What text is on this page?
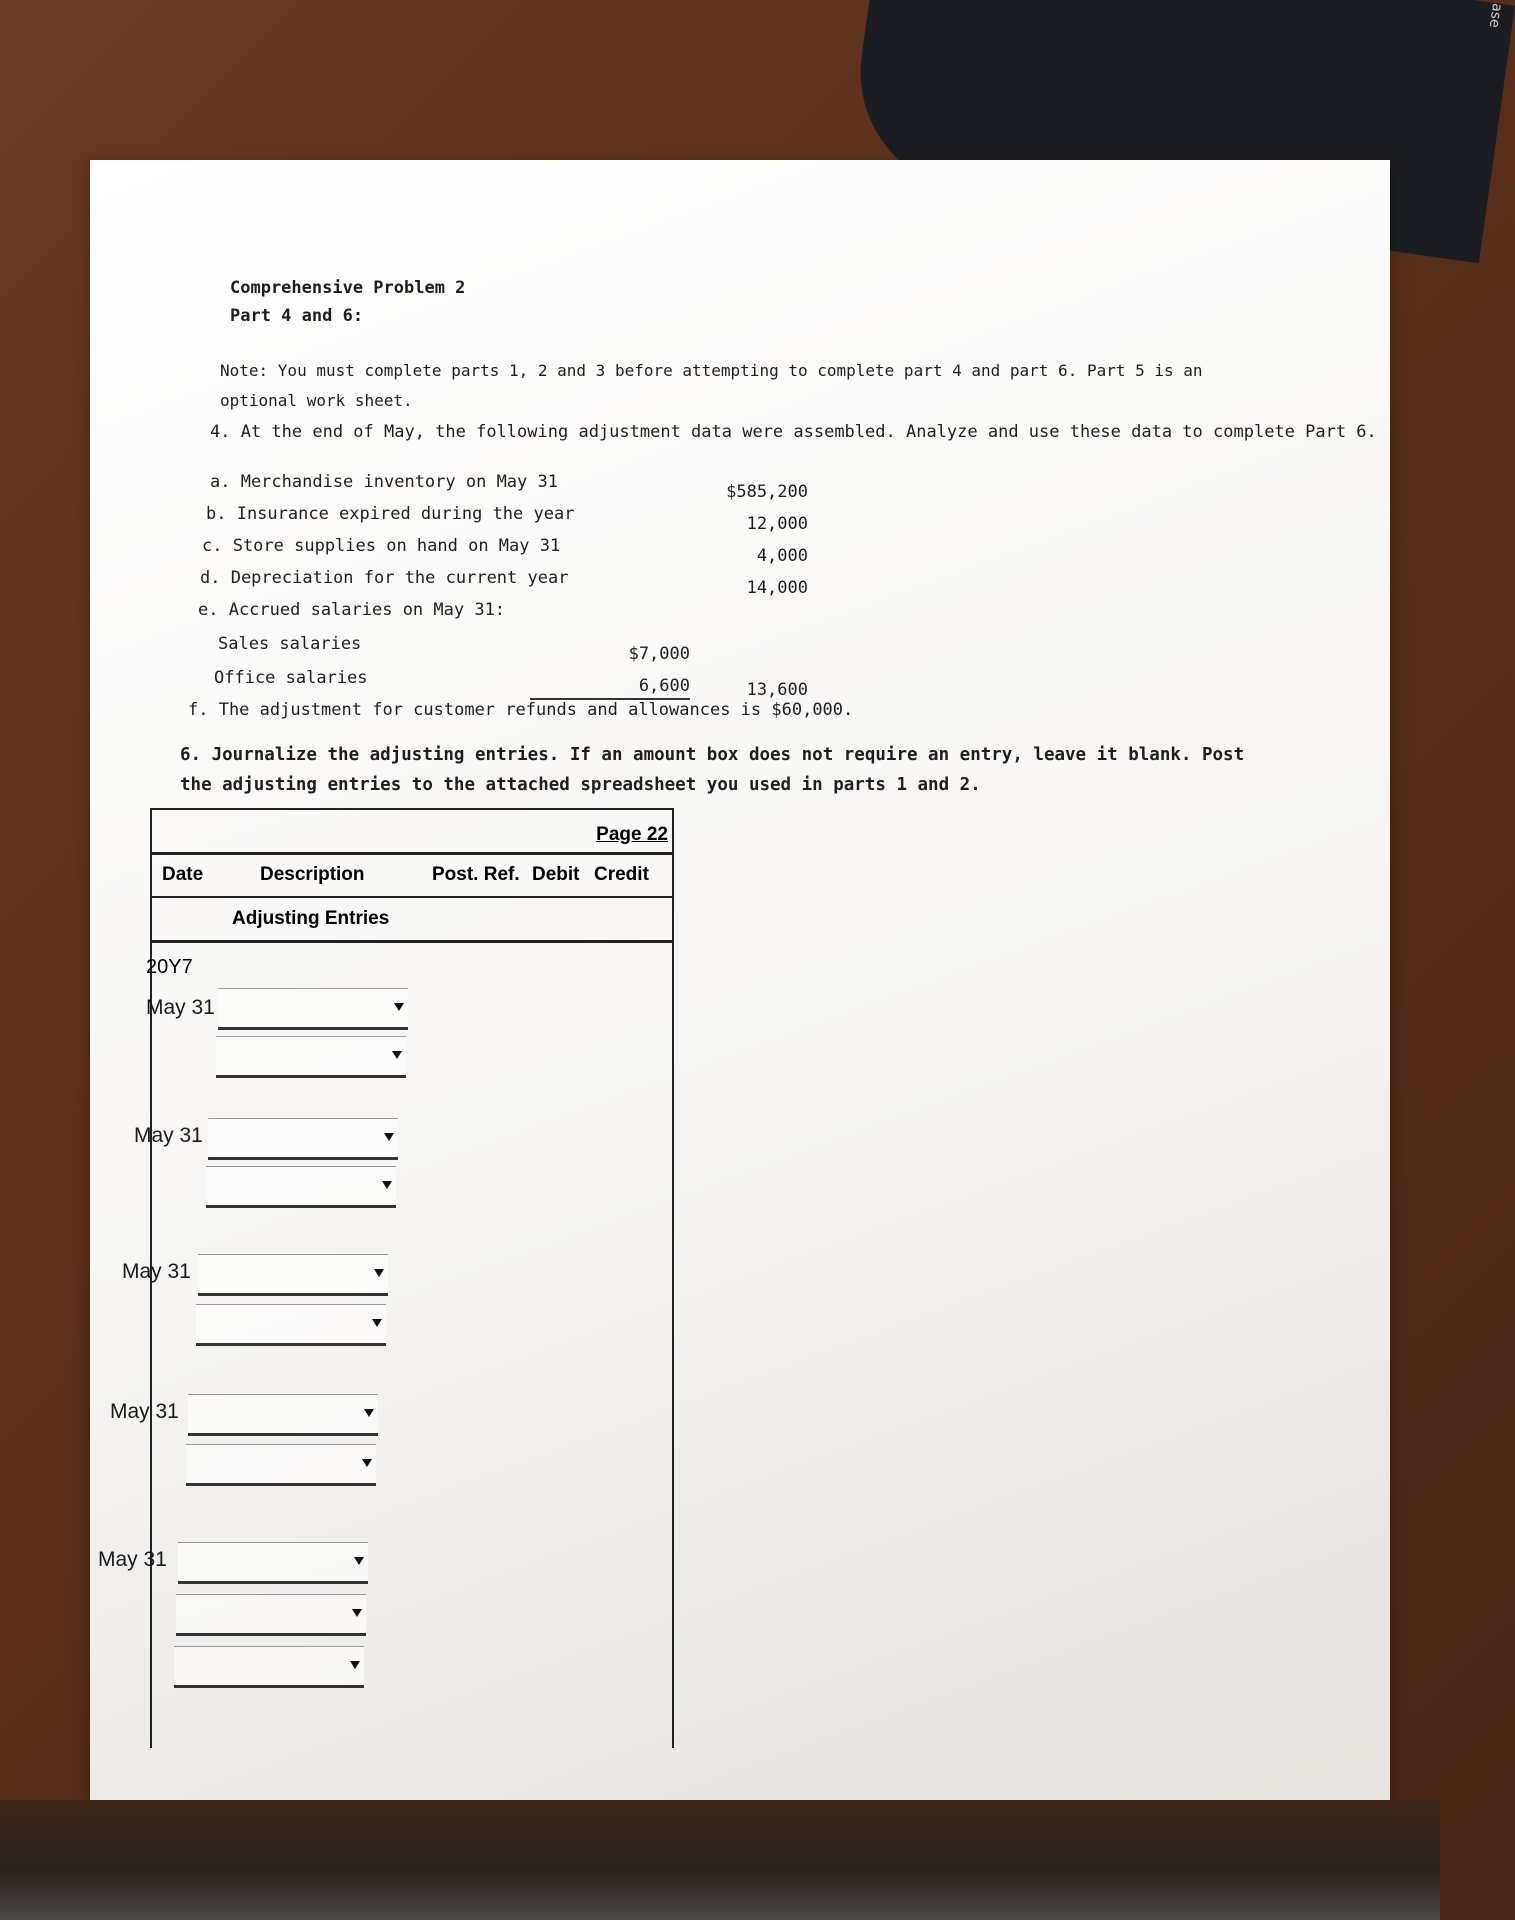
ase
Comprehensive Problem 2
Part 4 and 6:
Note: You must complete parts 1, 2 and 3 before attempting to complete part 4 and part 6. Part 5 is an optional work sheet.
4. At the end of May, the following adjustment data were assembled. Analyze and use these data to complete Part 6.
a. Merchandise inventory on May 31	$585,200
b. Insurance expired during the year	12,000
c. Store supplies on hand on May 31	4,000
d. Depreciation for the current year	14,000
e. Accrued salaries on May 31:
Sales salaries	$7,000
Office salaries	6,600	13,600
f. The adjustment for customer refunds and allowances is $60,000.
6. Journalize the adjusting entries. If an amount box does not require an entry, leave it blank. Post the adjusting entries to the attached spreadsheet you used in parts 1 and 2.
Page 22
Date	Description	Post. Ref. Debit Credit
Adjusting Entries
20Y7
May 31
May 31
May 31
May 31
May 31
